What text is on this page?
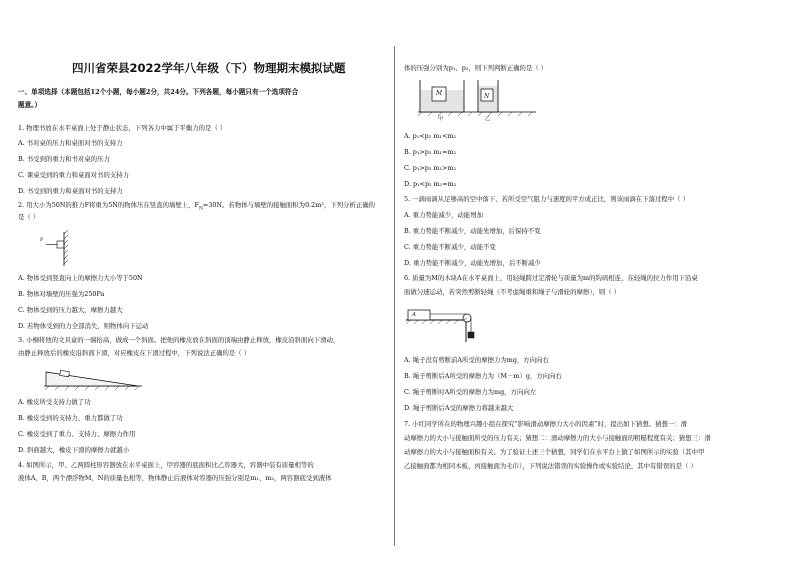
四川省荣县2022学年八年级（下）物理期末模拟试题
一、单项选择（本题包括12个小题，每小题2分，共24分。下列各题，每小题只有一个选项符合
题意。）
1. 物理书放在水平桌面上处于静止状态，下列各力中属于平衡力的是（ ）
A. 书对桌的压力和桌面对书的支持力
B. 书受到的重力和书对桌的压力
C. 课桌受到的重力和桌面对书的支持力
D. 书受到的重力和桌面对书的支持力
2. 用大小为50N的推力F将重为5N的物体压在竖直的墙壁上，$F_N=30N$。若物体与墙壁的接触面积为0.2m²，下列分析正确的
是（ ）
F
A. 物体受到竖直向上的摩擦力大小等于50N
B. 物体对墙壁的压强为250Pa
C. 物体受到的压力越大，摩擦力越大
D. 若物体受到的力全部消失，则物体向下运动
3. 小桐将他的文具盒的一端抬高，做成一个斜面。把他的橡皮放在斜面的顶端由静止释放，橡皮沿斜面向下滑动，
由静止释放后的橡皮沿斜面下滑，对应橡皮在下滑过程中，下列说法正确的是（ ）
A. 橡皮所受支持力做了功
B. 橡皮受到的支持力、重力都做了功
C. 橡皮受到了重力、支持力、摩擦力作用
D. 斜面越大，橡皮下滑的摩擦力就越小
4. 如图所示，甲、乙两圆柱形容器放在水平桌面上，甲容器的底面积比乙容器大，容器中装有质量相等的
液体A、B，两个漂浮物M、N的质量也相等，物体静止后液体对容器的压强分别是m₁、m₂，两容器底受到液体
体的压强分别为p₁、p₂，则下列判断正确的是（ ）
M	N
甲	乙
A. p₁<p₂ m₁<m₂
B. p₁>p₂ m₁=m₂
C. p₁>p₂ m₁>m₂
D. p₁<p₂ m₁=m₂
5. 一滴雨滴从足够高的空中落下，若所受空气阻力与速度的平方成正比，则该雨滴在下落过程中（ ）
A. 重力势能减少，动能增加
B. 重力势能不断减少，动能先增加，后保持不变
C. 重力势能不断减少，动能不变
D. 重力势能不断减少，动能先增加，后不断减少
6. 质量为M的木块A在水平桌面上，用轻绳跨过定滑轮与质量为m的钩码相连，在轻绳的拉力作用下沿桌
面做匀速运动，若突然剪断轻绳（不考虑绳重和绳子与滑轮的摩擦），则（ ）
A
A. 绳子没有剪断前A所受的摩擦力为mg，方向向右
B. 绳子剪断后A所受的摩擦力为（M－m）g，方向向右
C. 绳子剪断时A所受的摩擦力为mg，方向向左
D. 绳子剪断后A受的摩擦力将越来越大
7. 小红同学所在的物理兴趣小组在探究“影响滑动摩擦力大小的因素”时，提出如下猜想。猜想一：滑
动摩擦力的大小与接触面所受的压力有关；猜想二：滑动摩擦力的大小与接触面的粗糙程度有关；猜想三：滑
动摩擦力的大小与接触面积有关。为了验证上述三个猜想，同学们在水平台上做了如图所示的实验（其中甲
乙接触面都为相同木板、丙接触面为毛巾），下列说法错误的实验操作或实验结论，其中有错误的是（ ）
